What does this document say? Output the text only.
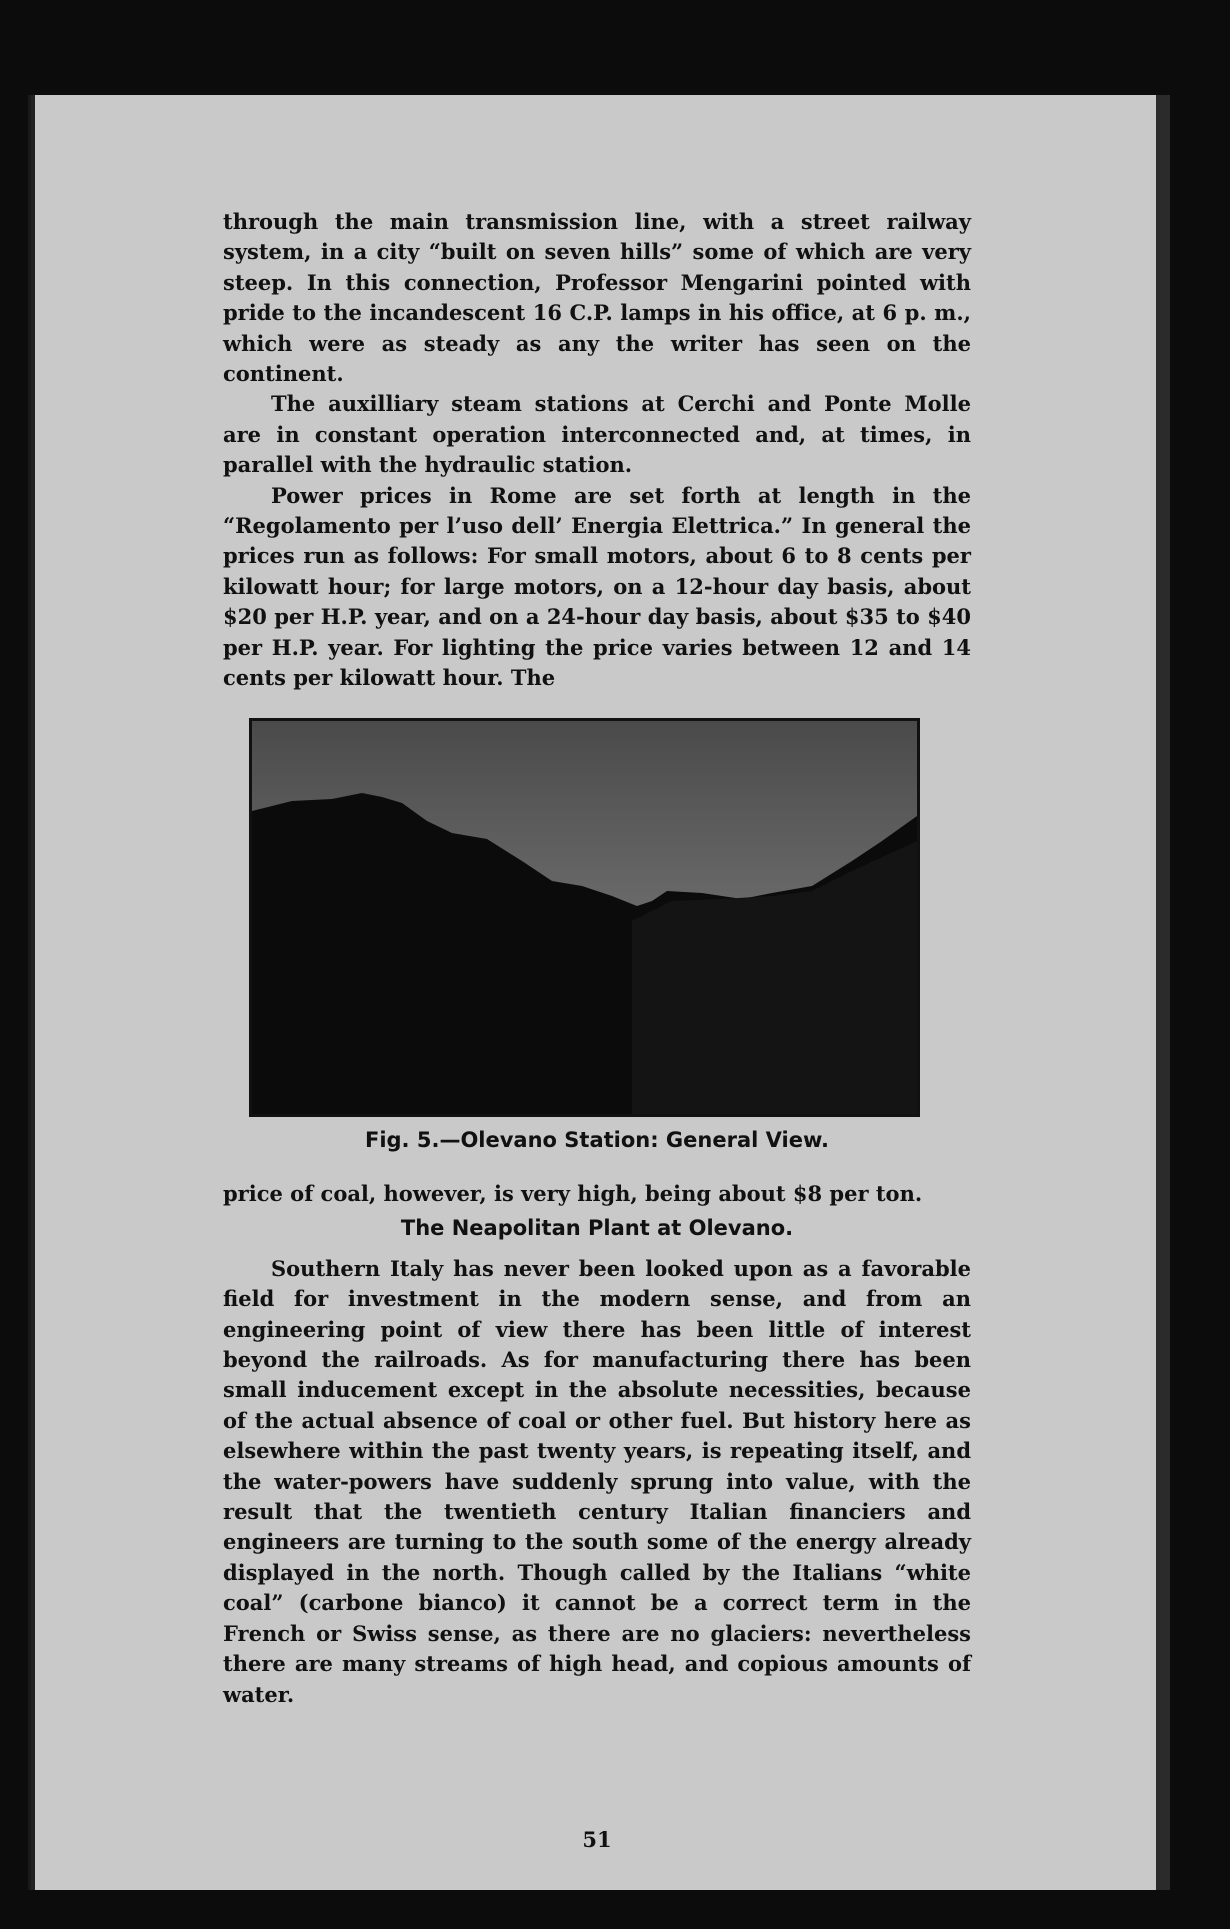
through the main transmission line, with a street railway system, in a city “built on seven hills” some of which are very steep. In this connection, Professor Mengarini pointed with pride to the incandescent 16 C.P. lamps in his office, at 6 p. m., which were as steady as any the writer has seen on the continent.

The auxilliary steam stations at Cerchi and Ponte Molle are in constant operation interconnected and, at times, in parallel with the hydraulic station.

Power prices in Rome are set forth at length in the “Regolamento per l’uso dell’ Energia Elettrica.” In general the prices run as follows: For small motors, about 6 to 8 cents per kilowatt hour; for large motors, on a 12-hour day basis, about $20 per H.P. year, and on a 24-hour day basis, about $35 to $40 per H.P. year. For lighting the price varies between 12 and 14 cents per kilowatt hour. The

Fig. 5.—Olevano Station: General View.

price of coal, however, is very high, being about $8 per ton.

The Neapolitan Plant at Olevano.

Southern Italy has never been looked upon as a favorable field for investment in the modern sense, and from an engineering point of view there has been little of interest beyond the railroads. As for manufacturing there has been small inducement except in the absolute necessities, because of the actual absence of coal or other fuel. But history here as elsewhere within the past twenty years, is repeating itself, and the water-powers have suddenly sprung into value, with the result that the twentieth century Italian financiers and engineers are turning to the south some of the energy already displayed in the north. Though called by the Italians “white coal” (carbone bianco) it cannot be a correct term in the French or Swiss sense, as there are no glaciers: nevertheless there are many streams of high head, and copious amounts of water.

51
